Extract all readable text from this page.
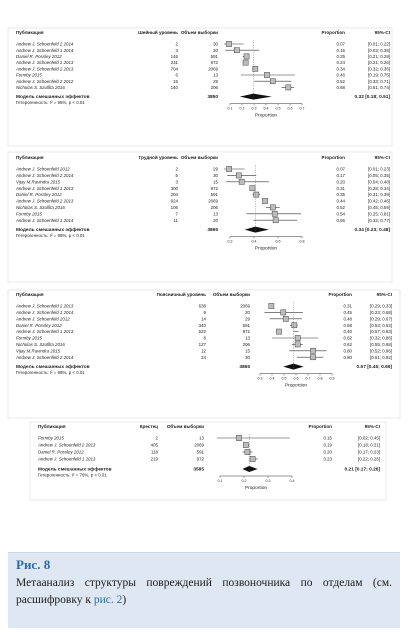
Публикация	Шейный уровень Объем выборки	Proportion	95%-CI
Andrew J. Schoenfeld 2 2014	2	30	0.07	[0.01; 0.22]
Andrew J. Schoenfeld 1 2014	3	20	0.15	[0.03; 0.38]
Daniel R. Possley 2012	146	591	0.25	[0.21; 0.28]
Andrew J. Schoenfeld 1 2013	231	972	0.24	[0.21; 0.26]
Andrew J. Schoenfeld 2 2013	704	2069	0.34	[0.32; 0.36]
Formby 2015	6	13	0.46	[0.19; 0.75]
Andrew J. Schoenfeld 2 2012	15	29	0.52	[0.33; 0.71]
Nicholas S. Szuflita 2016	140	206	0.68	[0.61; 0.74]
Модель смешанных эффектов	3850	0.32 [0.18; 0.51]
Гетерогенность: I² = 95%, p < 0.01
0.1 0.2 0.3 0.4 0.5 0.6 0.7
Proportion
Публикация	Грудной уровень Объем выборки	Proportion	95%-CI
Andrew J. Schoenfeld 2012	2	29	0.07	[0.01; 0.23]
Andrew J. Schoenfeld 2 2014	5	30	0.17	[0.05; 0.35]
Vijay M.Ravindra 2015	3	15	0.20	[0.04; 0.48]
Andrew J. Schoenfeld 1 2013	300	972	0.31	[0.28; 0.34]
Daniel R. Possley 2012	204	591	0.35	[0.31; 0.39]
Andrew J. Schoenfeld 2 2013	924	2069	0.44	[0.42; 0.46]
Nicholas S. Szuflita 2016	106	206	0.52	[0.45; 0.59]
Formby 2015	7	13	0.54	[0.25; 0.81]
Andrew J. Schoenfeld 1 2014	11	20	0.55	[0.32; 0.77]
Модель смешанных эффектов	3865	0.34 [0.23; 0.48]
Гетерогенность: I² = 98%, p < 0.01
0.2	0.4	0.6	0.8
Proportion
Публикация	Поясничный уровень Объем выборки	Proportion	95%-CI
Andrew J. Schoenfeld 2 2013	638	2069	0.31	[0.29; 0.33]
Andrew J. Schoenfeld 1 2014	9	20	0.45	[0.23; 0.68]
Andrew J. Schoenfeld 2012	14	29	0.48	[0.29; 0.67]
Daniel R. Possley 2012	340	591	0.58	[0.53; 0.62]
Andrew J. Schoenfeld 1 2013	622	972	0.40	[0.57; 0.63]
Formby 2015	8	13	0.62	[0.32; 0.86]
Nicholas S. Szuflita 2016	127	206	0.62	[0.55; 0.68]
Vijay M.Ravindra 2015	12	15	0.80	[0.52; 0.96]
Andrew J. Schoenfeld 2 2014	24	30	0.80	[0.61; 0.92]
Модель смешанных эффектов	3865	0.57 [0.45; 0.69]
Гетерогенность: I² = 98%, p < 0.01
0.3 0.4 0.5 0.6 0.7 0.8 0.9
Proportion
Публикация	Крестец Объем выборки	Proportion	95%-CI
Formby 2015	2	13	0.15	[0.02; 0.45]
Andrew J. Schoenfeld 2 2013	405	2069	0.19	[0.18; 0.21]
Daniel R. Possley 2012	118	591	0.20	[0.17; 0.23]
Andrew J. Schoenfeld 1 2013	219	972	0.23	[0.22; 0.26]
Модель смешанных эффектов	3585	0.21 [0.17; 0.26]
Гетерогенность: I² = 76%, p < 0.01
0.1	0.2	0.3	0.4
Proportion
Рис. 8
Метаанализ структуры повреждений позвоночника по отделам (см. расшифровку к рис. 2)
